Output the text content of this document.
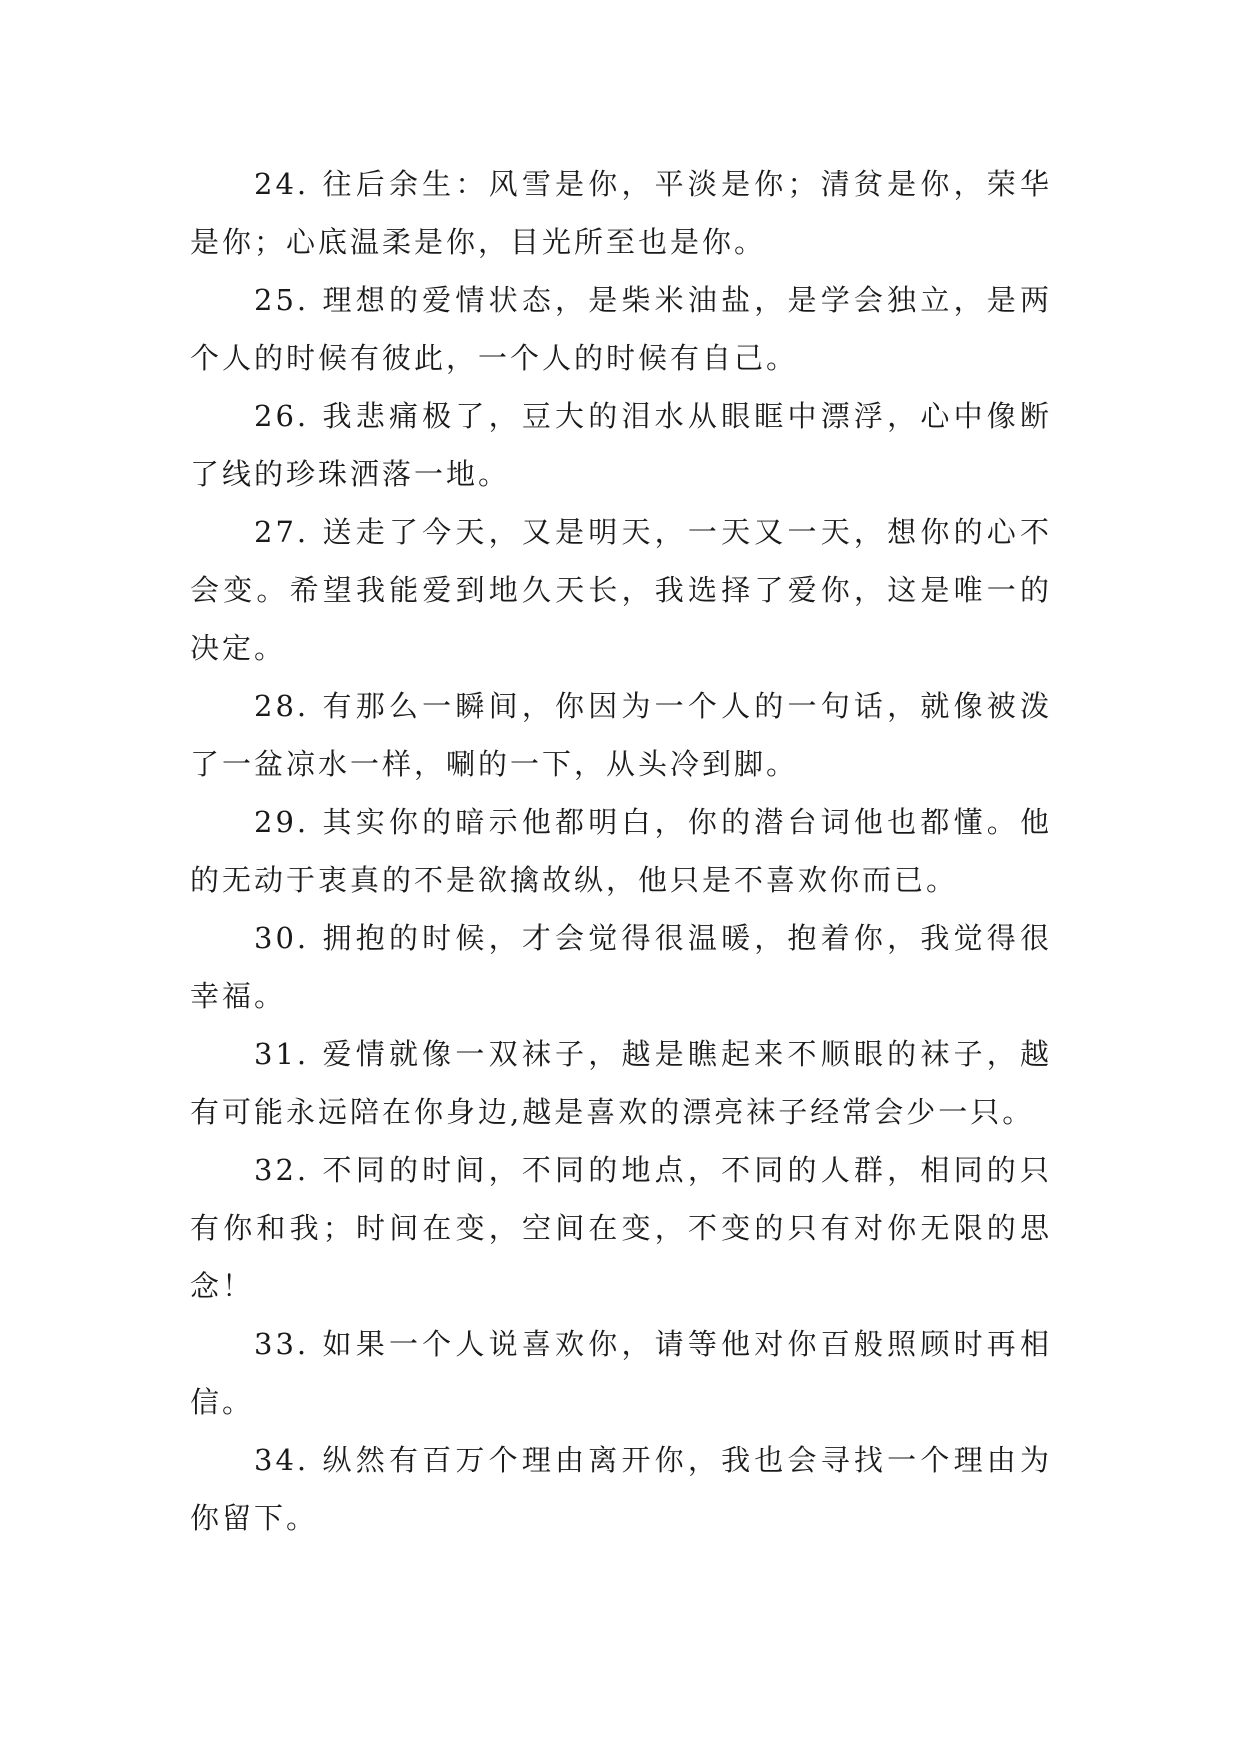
24. 往后余生：风雪是你，平淡是你；清贫是你，荣华是你；心底温柔是你，目光所至也是你。

25. 理想的爱情状态，是柴米油盐，是学会独立，是两个人的时候有彼此，一个人的时候有自己。

26. 我悲痛极了，豆大的泪水从眼眶中漂浮，心中像断了线的珍珠洒落一地。

27. 送走了今天，又是明天，一天又一天，想你的心不会变。希望我能爱到地久天长，我选择了爱你，这是唯一的决定。

28. 有那么一瞬间，你因为一个人的一句话，就像被泼了一盆凉水一样，唰的一下，从头冷到脚。

29. 其实你的暗示他都明白，你的潜台词他也都懂。他的无动于衷真的不是欲擒故纵，他只是不喜欢你而已。

30. 拥抱的时候，才会觉得很温暖，抱着你，我觉得很幸福。

31. 爱情就像一双袜子，越是瞧起来不顺眼的袜子，越有可能永远陪在你身边,越是喜欢的漂亮袜子经常会少一只。

32. 不同的时间，不同的地点，不同的人群，相同的只有你和我；时间在变，空间在变，不变的只有对你无限的思念！

33. 如果一个人说喜欢你，请等他对你百般照顾时再相信。

34. 纵然有百万个理由离开你，我也会寻找一个理由为你留下。
